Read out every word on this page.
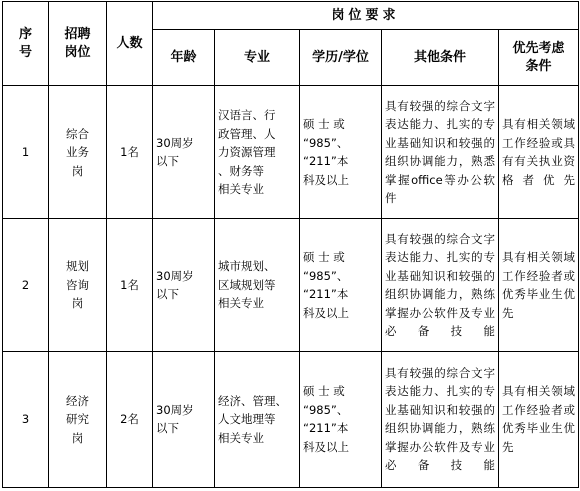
序
号	招聘
岗位	人数	岗位要求				
			年龄	专业	学历/学位	其他条件	优先考虑
条件
1	综合
业务
岗	1名	30周岁
以下	汉语言、行
政管理、人
力资源管理
、财务等
相关专业	硕 士 或
“985”、
“211”本
科及以上	具有较强的综合文字表达能力、扎实的专业基础知识和较强的组织协调能力，熟悉掌握office等办公软件	具有相关领域工作经验或具有有关执业资格者优先
2	规划
咨询
岗	1名	30周岁
以下	城市规划、
区域规划等
相关专业	硕 士 或
“985”、
“211”本
科及以上	具有较强的综合文字表达能力、扎实的专业基础知识和较强的组织协调能力，熟练掌握办公软件及专业必备技能	具有相关领域工作经验者或优秀毕业生优先
3	经济
研究
岗	2名	30周岁
以下	经济、管理、
人文地理等
相关专业	硕 士 或
“985”、
“211”本
科及以上	具有较强的综合文字表达能力、扎实的专业基础知识和较强的组织协调能力，熟练掌握办公软件及专业必备技能	具有相关领域工作经验者或优秀毕业生优先
